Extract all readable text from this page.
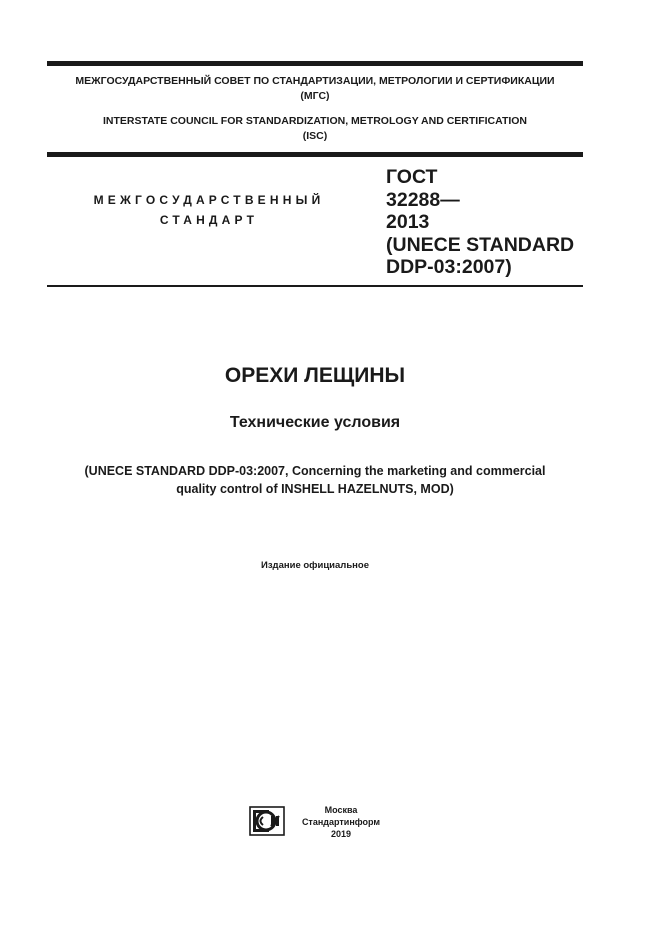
МЕЖГОСУДАРСТВЕННЫЙ СОВЕТ ПО СТАНДАРТИЗАЦИИ, МЕТРОЛОГИИ И СЕРТИФИКАЦИИ
(МГС)
INTERSTATE COUNCIL FOR STANDARDIZATION, METROLOGY AND CERTIFICATION
(ISC)
МЕЖГОСУДАРСТВЕННЫЙ
СТАНДАРТ
ГОСТ
32288—
2013
(UNECE STANDARD
DDP-03:2007)
ОРЕХИ ЛЕЩИНЫ
Технические условия
(UNECE STANDARD DDP-03:2007, Concerning the marketing and commercial
quality control of INSHELL HAZELNUTS, MOD)
Издание официальное
Москва
Стандартинформ
2019
